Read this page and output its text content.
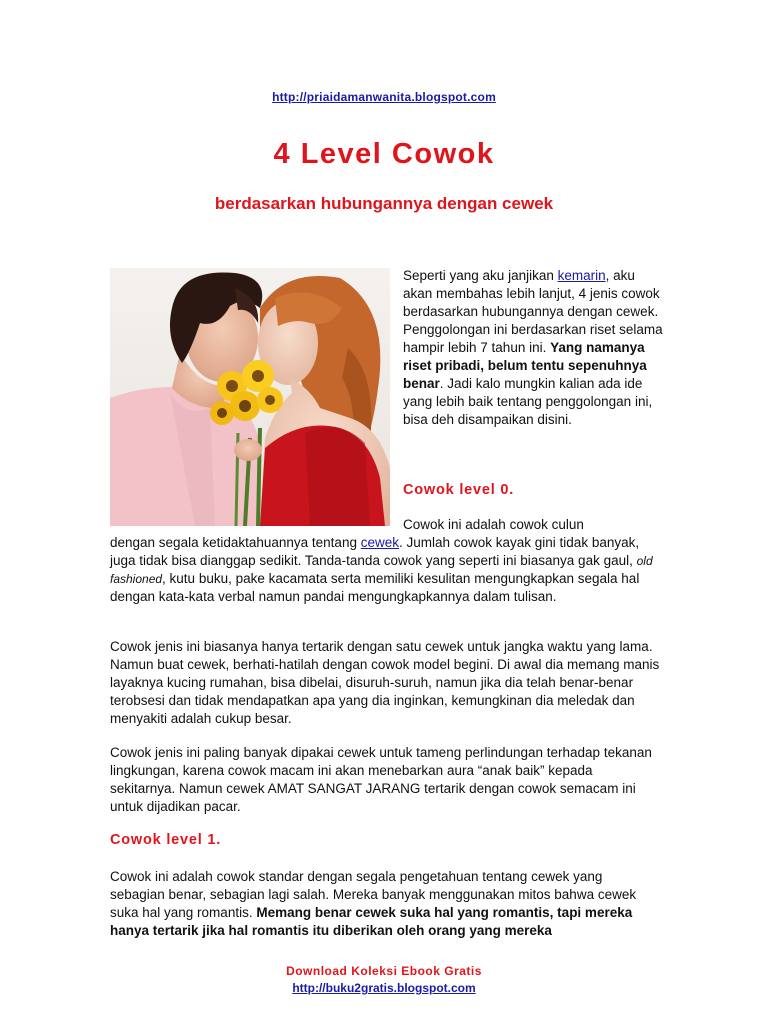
http://priaidamanwanita.blogspot.com
4 Level Cowok
berdasarkan hubungannya dengan cewek

Seperti yang aku janjikan kemarin, aku akan membahas lebih lanjut, 4 jenis cowok berdasarkan hubungannya dengan cewek. Penggolongan ini berdasarkan riset selama hampir lebih 7 tahun ini. Yang namanya riset pribadi, belum tentu sepenuhnya benar. Jadi kalo mungkin kalian ada ide yang lebih baik tentang penggolongan ini, bisa deh disampaikan disini.

Cowok level 0.

Cowok ini adalah cowok culun

dengan segala ketidaktahuannya tentang cewek. Jumlah cowok kayak gini tidak banyak, juga tidak bisa dianggap sedikit. Tanda-tanda cowok yang seperti ini biasanya gak gaul, old fashioned, kutu buku, pake kacamata serta memiliki kesulitan mengungkapkan segala hal dengan kata-kata verbal namun pandai mengungkapkannya dalam tulisan.

Cowok jenis ini biasanya hanya tertarik dengan satu cewek untuk jangka waktu yang lama. Namun buat cewek, berhati-hatilah dengan cowok model begini. Di awal dia memang manis layaknya kucing rumahan, bisa dibelai, disuruh-suruh, namun jika dia telah benar-benar terobsesi dan tidak mendapatkan apa yang dia inginkan, kemungkinan dia meledak dan menyakiti adalah cukup besar.

Cowok jenis ini paling banyak dipakai cewek untuk tameng perlindungan terhadap tekanan lingkungan, karena cowok macam ini akan menebarkan aura “anak baik” kepada sekitarnya. Namun cewek AMAT SANGAT JARANG tertarik dengan cowok semacam ini untuk dijadikan pacar.

Cowok level 1.

Cowok ini adalah cowok standar dengan segala pengetahuan tentang cewek yang sebagian benar, sebagian lagi salah. Mereka banyak menggunakan mitos bahwa cewek suka hal yang romantis. Memang benar cewek suka hal yang romantis, tapi mereka hanya tertarik jika hal romantis itu diberikan oleh orang yang mereka

Download Koleksi Ebook Gratis
http://buku2gratis.blogspot.com
